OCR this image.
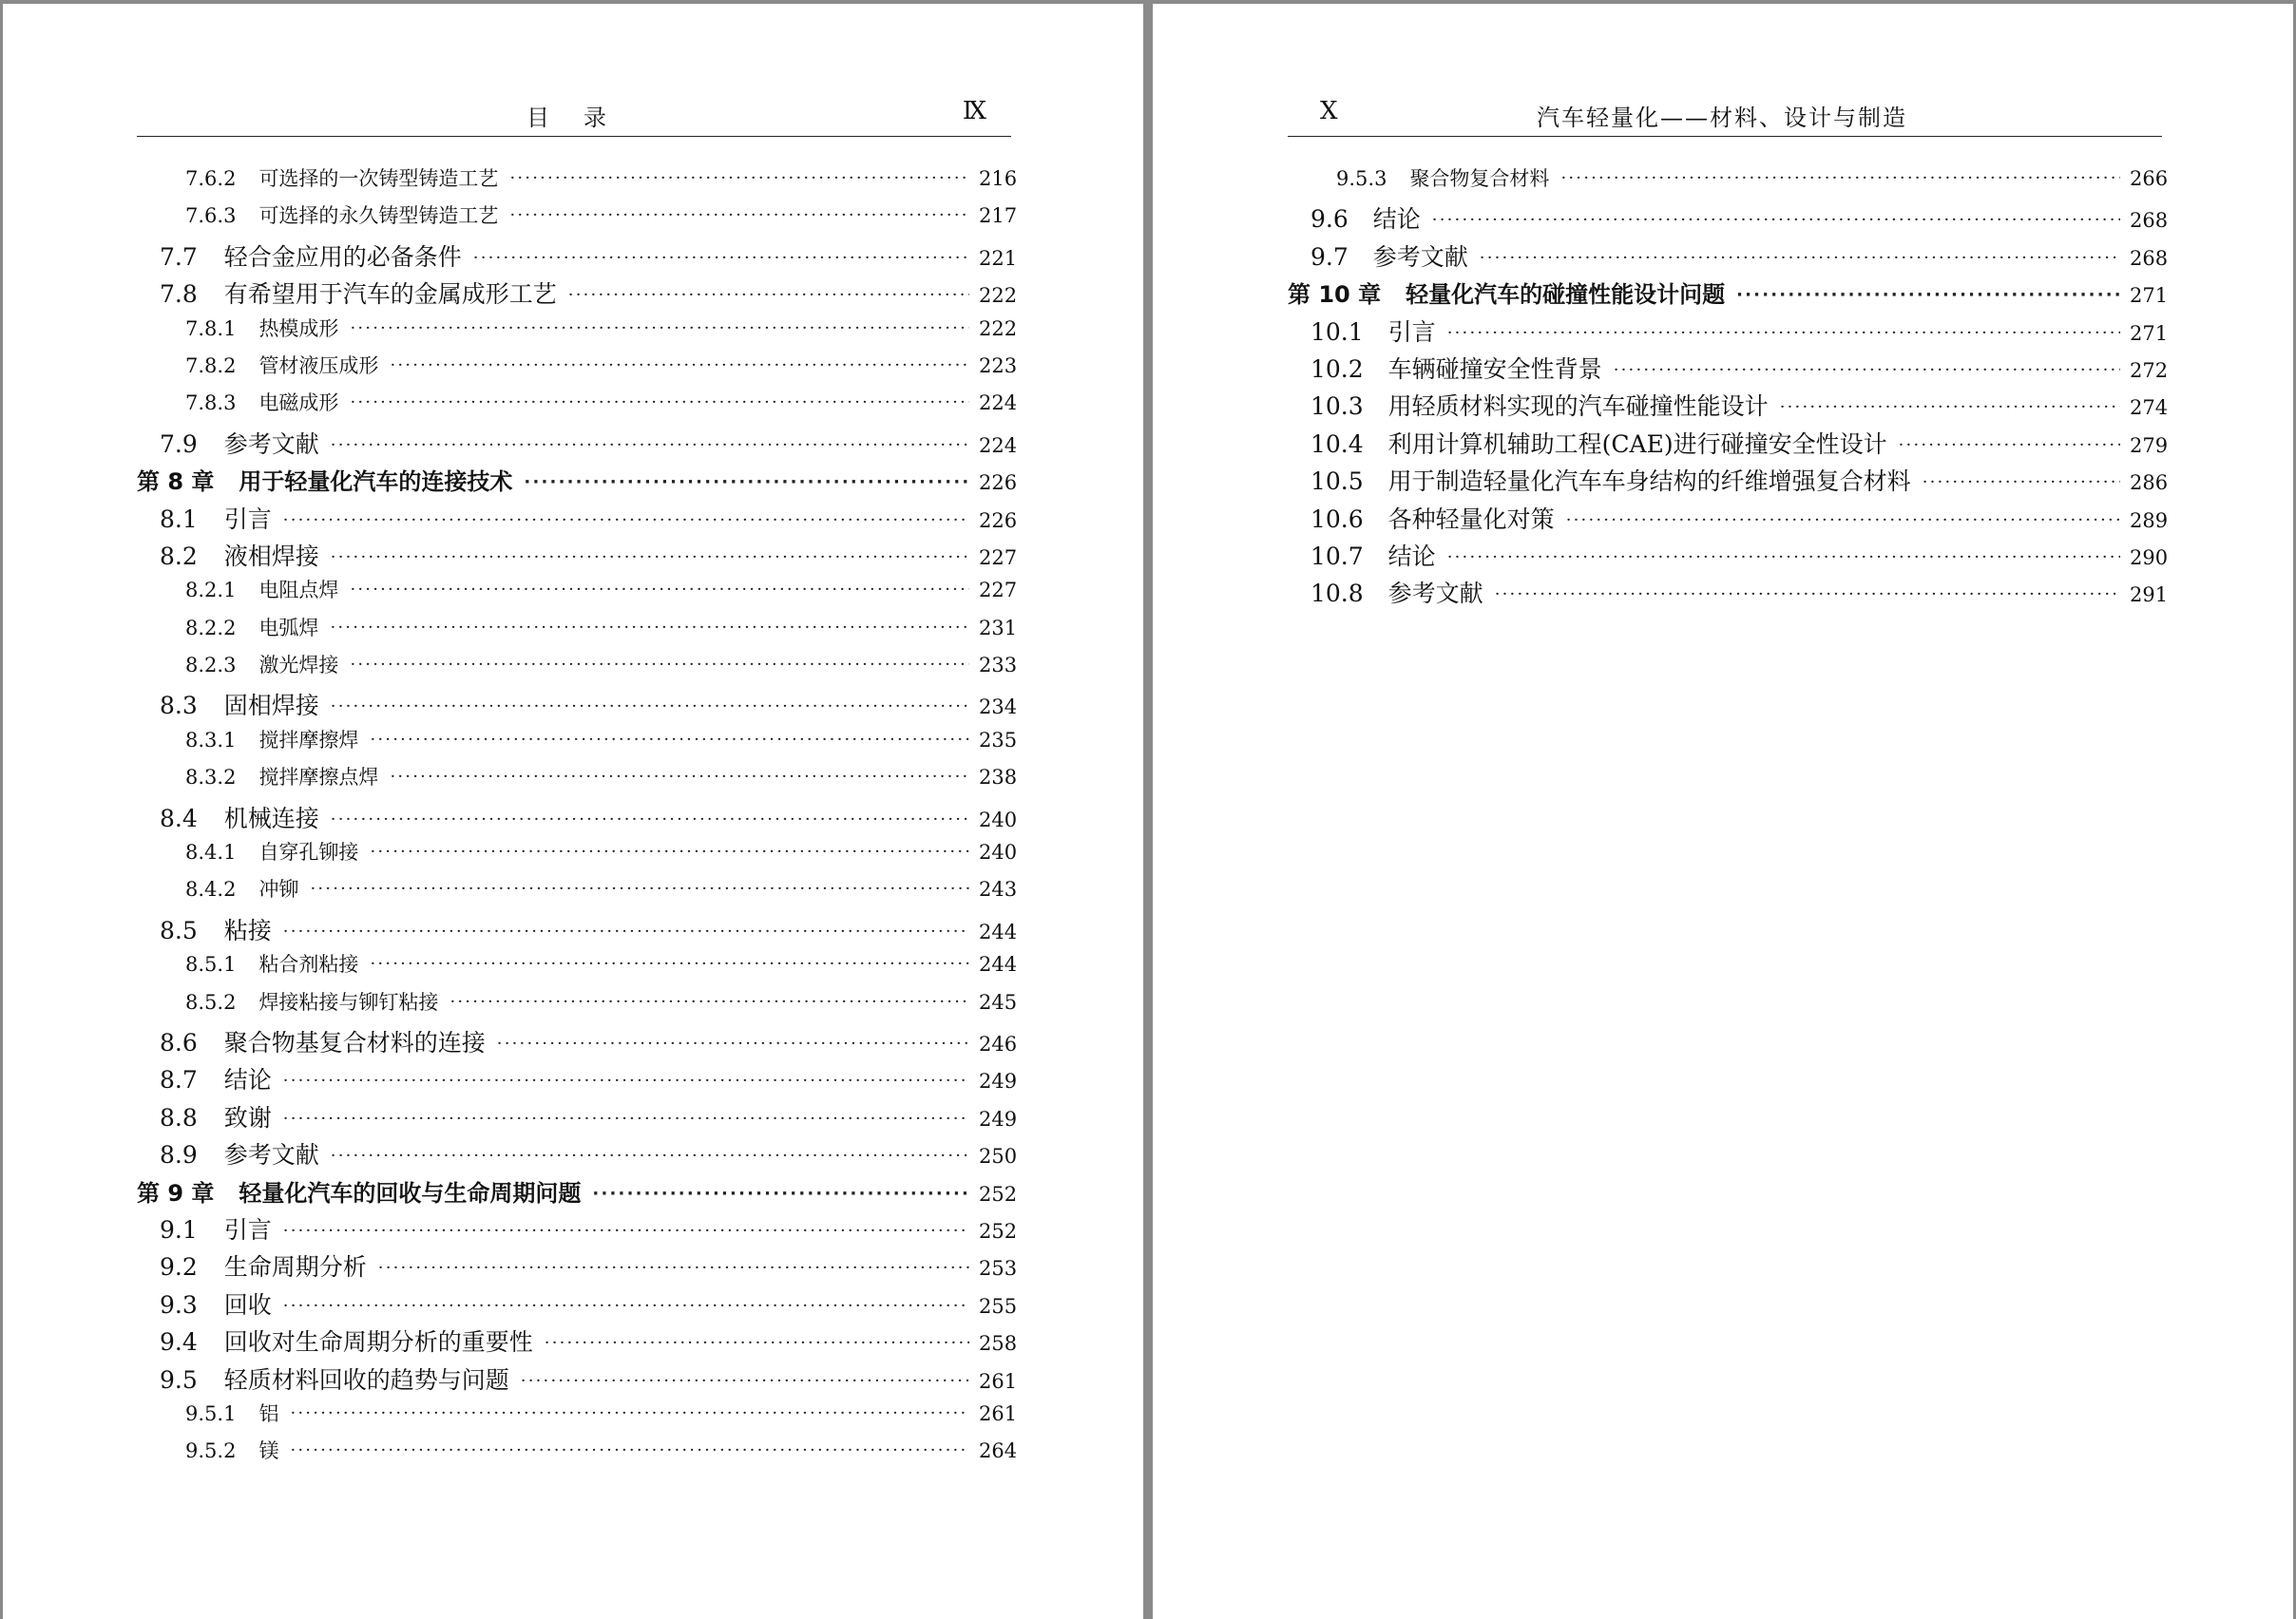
目录	Ⅸ
7.6.2 可选择的一次铸型铸造工艺 ·····	216
7.6.3 可选择的永久铸型铸造工艺 ·····	217
7.7 轻合金应用的必备条件 ·····	221
7.8 有希望用于汽车的金属成形工艺 ·····	222
7.8.1 热模成形 ·····	222
7.8.2 管材液压成形 ·····	223
7.8.3 电磁成形 ·····	224
7.9 参考文献 ·····	224
第 8 章 用于轻量化汽车的连接技术 ·····	226
8.1 引言 ·····	226
8.2 液相焊接 ·····	227
8.2.1 电阻点焊 ·····	227
8.2.2 电弧焊 ·····	231
8.2.3 激光焊接 ·····	233
8.3 固相焊接 ·····	234
8.3.1 搅拌摩擦焊 ·····	235
8.3.2 搅拌摩擦点焊 ·····	238
8.4 机械连接 ·····	240
8.4.1 自穿孔铆接 ·····	240
8.4.2 冲铆 ·····	243
8.5 粘接 ·····	244
8.5.1 粘合剂粘接 ·····	244
8.5.2 焊接粘接与铆钉粘接 ·····	245
8.6 聚合物基复合材料的连接 ·····	246
8.7 结论 ·····	249
8.8 致谢 ·····	249
8.9 参考文献 ·····	250
第 9 章 轻量化汽车的回收与生命周期问题 ·····	252
9.1 引言 ·····	252
9.2 生命周期分析 ·····	253
9.3 回收 ·····	255
9.4 回收对生命周期分析的重要性 ·····	258
9.5 轻质材料回收的趋势与问题 ·····	261
9.5.1 铝 ·····	261
9.5.2 镁 ·····	264
Ⅹ	汽车轻量化——材料、设计与制造
9.5.3 聚合物复合材料 ·····	266
9.6 结论 ·····	268
9.7 参考文献 ·····	268
第 10 章 轻量化汽车的碰撞性能设计问题 ·····	271
10.1 引言 ·····	271
10.2 车辆碰撞安全性背景 ·····	272
10.3 用轻质材料实现的汽车碰撞性能设计 ·····	274
10.4 利用计算机辅助工程(CAE)进行碰撞安全性设计 ·····	279
10.5 用于制造轻量化汽车车身结构的纤维增强复合材料 ·····	286
10.6 各种轻量化对策 ·····	289
10.7 结论 ·····	290
10.8 参考文献 ·····	291
